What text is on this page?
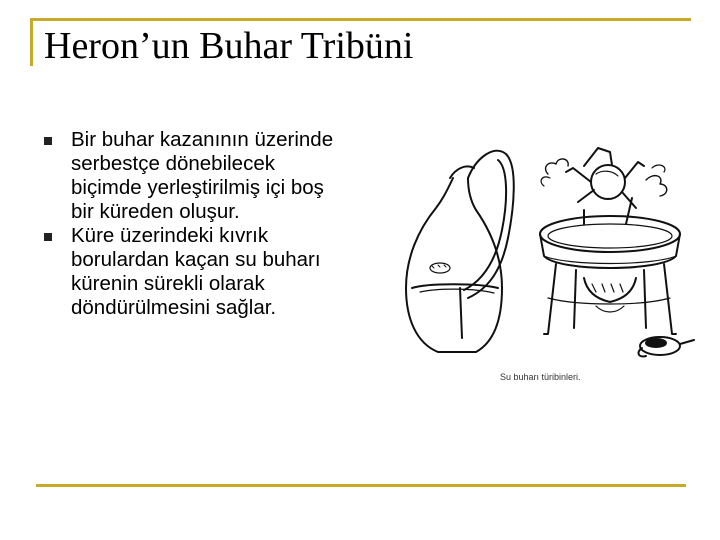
Heron’un Buhar Tribüni
Bir buhar kazanının üzerinde serbestçe dönebilecek biçimde yerleştirilmiş içi boş bir küreden oluşur.
Küre üzerindeki kıvrık borulardan kaçan su buharı kürenin sürekli olarak döndürülmesini sağlar.
Su buharı türibinleri.
